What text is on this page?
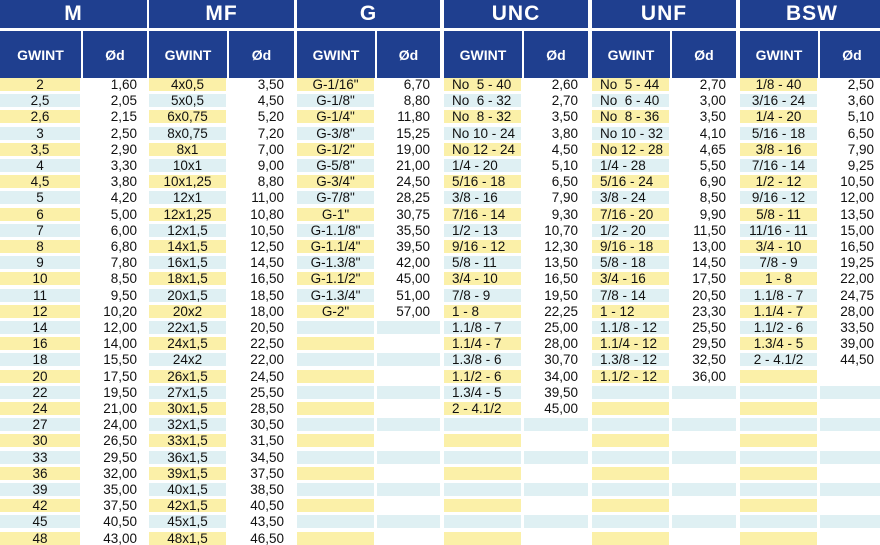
M
GWINT	Ød
2	1,60
2,5	2,05
2,6	2,15
3	2,50
3,5	2,90
4	3,30
4,5	3,80
5	4,20
6	5,00
7	6,00
8	6,80
9	7,80
10	8,50
11	9,50
12	10,20
14	12,00
16	14,00
18	15,50
20	17,50
22	19,50
24	21,00
27	24,00
30	26,50
33	29,50
36	32,00
39	35,00
42	37,50
45	40,50
48	43,00
MF
GWINT	Ød
4x0,5	3,50
5x0,5	4,50
6x0,75	5,20
8x0,75	7,20
8x1	7,00
10x1	9,00
10x1,25	8,80
12x1	11,00
12x1,25	10,80
12x1,5	10,50
14x1,5	12,50
16x1,5	14,50
18x1,5	16,50
20x1,5	18,50
20x2	18,00
22x1,5	20,50
24x1,5	22,50
24x2	22,00
26x1,5	24,50
27x1,5	25,50
30x1,5	28,50
32x1,5	30,50
33x1,5	31,50
36x1,5	34,50
39x1,5	37,50
40x1,5	38,50
42x1,5	40,50
45x1,5	43,50
48x1,5	46,50
G
GWINT	Ød
G-1/16"	6,70
G-1/8"	8,80
G-1/4"	11,80
G-3/8"	15,25
G-1/2"	19,00
G-5/8"	21,00
G-3/4"	24,50
G-7/8"	28,25
G-1"	30,75
G-1.1/8"	35,50
G-1.1/4"	39,50
G-1.3/8"	42,00
G-1.1/2"	45,00
G-1.3/4"	51,00
G-2"	57,00
UNC
GWINT	Ød
No  5 - 40	2,60
No  6 - 32	2,70
No  8 - 32	3,50
No 10 - 24	3,80
No 12 - 24	4,50
1/4 - 20	5,10
5/16 - 18	6,50
3/8 - 16	7,90
7/16 - 14	9,30
1/2 - 13	10,70
9/16 - 12	12,30
5/8 - 11	13,50
3/4 - 10	16,50
7/8 - 9	19,50
1 - 8	22,25
1.1/8 - 7	25,00
1.1/4 - 7	28,00
1.3/8 - 6	30,70
1.1/2 - 6	34,00
1.3/4 - 5	39,50
2 - 4.1/2	45,00
UNF
GWINT	Ød
No  5 - 44	2,70
No  6 - 40	3,00
No  8 - 36	3,50
No 10 - 32	4,10
No 12 - 28	4,65
1/4 - 28	5,50
5/16 - 24	6,90
3/8 - 24	8,50
7/16 - 20	9,90
1/2 - 20	11,50
9/16 - 18	13,00
5/8 - 18	14,50
3/4 - 16	17,50
7/8 - 14	20,50
1 - 12	23,30
1.1/8 - 12	25,50
1.1/4 - 12	29,50
1.3/8 - 12	32,50
1.1/2 - 12	36,00
BSW
GWINT	Ød
1/8 - 40	2,50
3/16 - 24	3,60
1/4 - 20	5,10
5/16 - 18	6,50
3/8 - 16	7,90
7/16 - 14	9,25
1/2 - 12	10,50
9/16 - 12	12,00
5/8 - 11	13,50
11/16 - 11	15,00
3/4 - 10	16,50
7/8 - 9	19,25
1 - 8	22,00
1.1/8 - 7	24,75
1.1/4 - 7	28,00
1.1/2 - 6	33,50
1.3/4 - 5	39,00
2 - 4.1/2	44,50
